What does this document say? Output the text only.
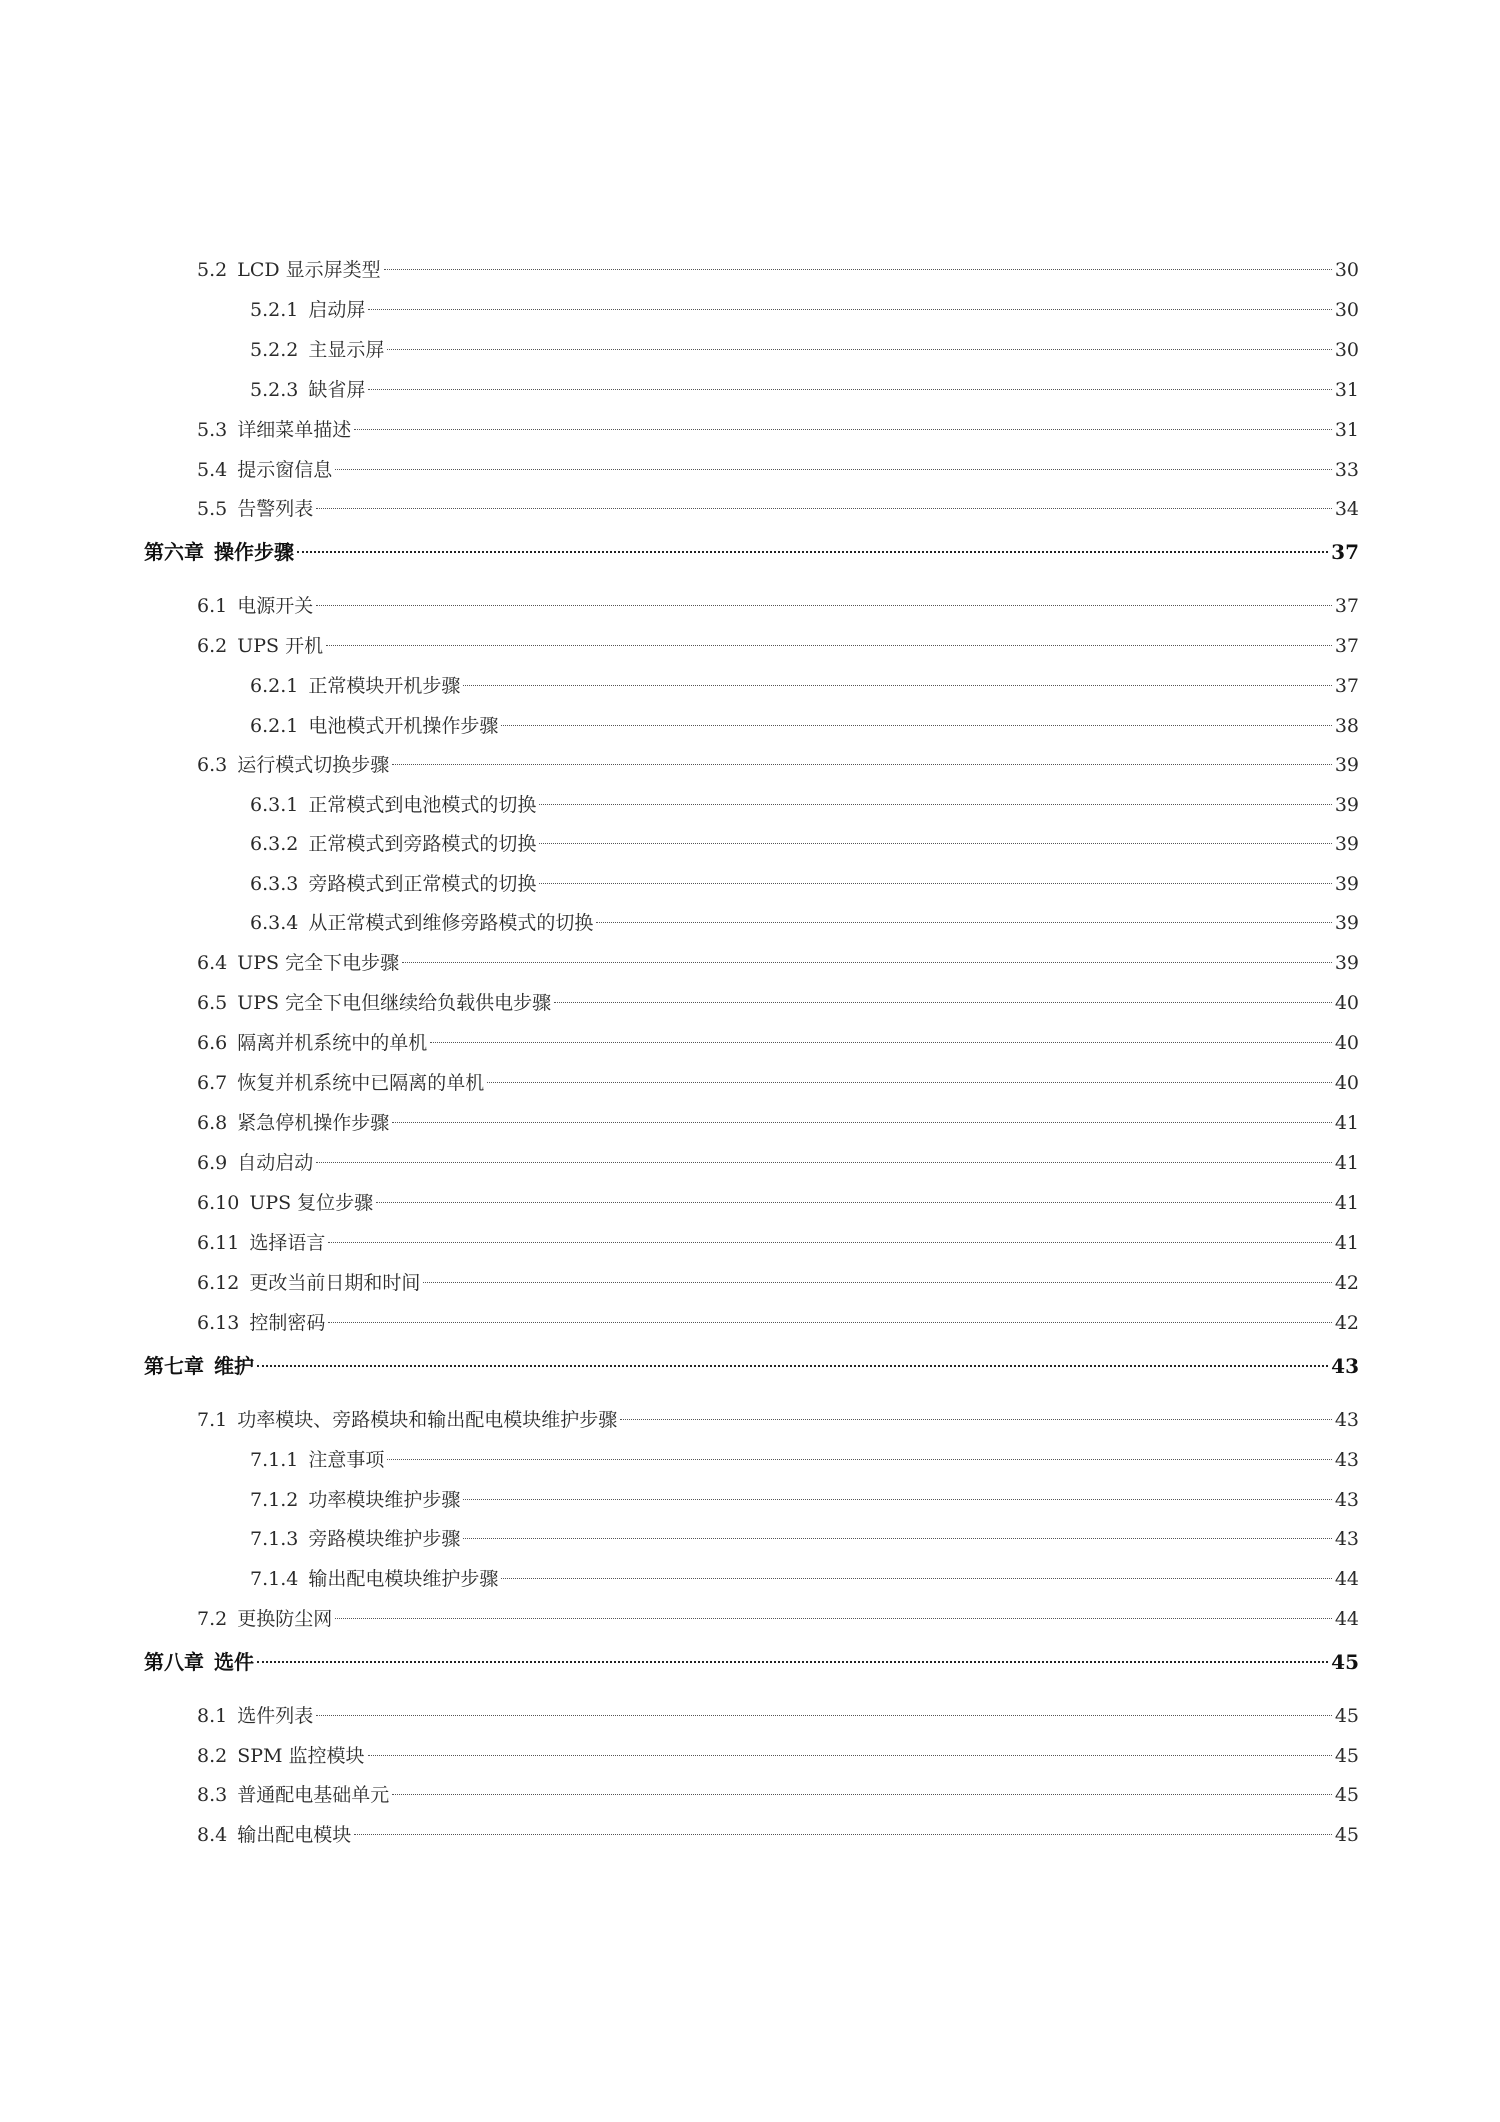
5.2 LCD 显示屏类型	30
5.2.1 启动屏	30
5.2.2 主显示屏	30
5.2.3 缺省屏	31
5.3 详细菜单描述	31
5.4 提示窗信息	33
5.5 告警列表	34
第六章 操作步骤	37
6.1 电源开关	37
6.2 UPS 开机	37
6.2.1 正常模块开机步骤	37
6.2.1 电池模式开机操作步骤	38
6.3 运行模式切换步骤	39
6.3.1 正常模式到电池模式的切换	39
6.3.2 正常模式到旁路模式的切换	39
6.3.3 旁路模式到正常模式的切换	39
6.3.4 从正常模式到维修旁路模式的切换	39
6.4 UPS 完全下电步骤	39
6.5 UPS 完全下电但继续给负载供电步骤	40
6.6 隔离并机系统中的单机	40
6.7 恢复并机系统中已隔离的单机	40
6.8 紧急停机操作步骤	41
6.9 自动启动	41
6.10 UPS 复位步骤	41
6.11 选择语言	41
6.12 更改当前日期和时间	42
6.13 控制密码	42
第七章 维护	43
7.1 功率模块、旁路模块和输出配电模块维护步骤	43
7.1.1 注意事项	43
7.1.2 功率模块维护步骤	43
7.1.3 旁路模块维护步骤	43
7.1.4 输出配电模块维护步骤	44
7.2 更换防尘网	44
第八章 选件	45
8.1 选件列表	45
8.2 SPM 监控模块	45
8.3 普通配电基础单元	45
8.4 输出配电模块	45
